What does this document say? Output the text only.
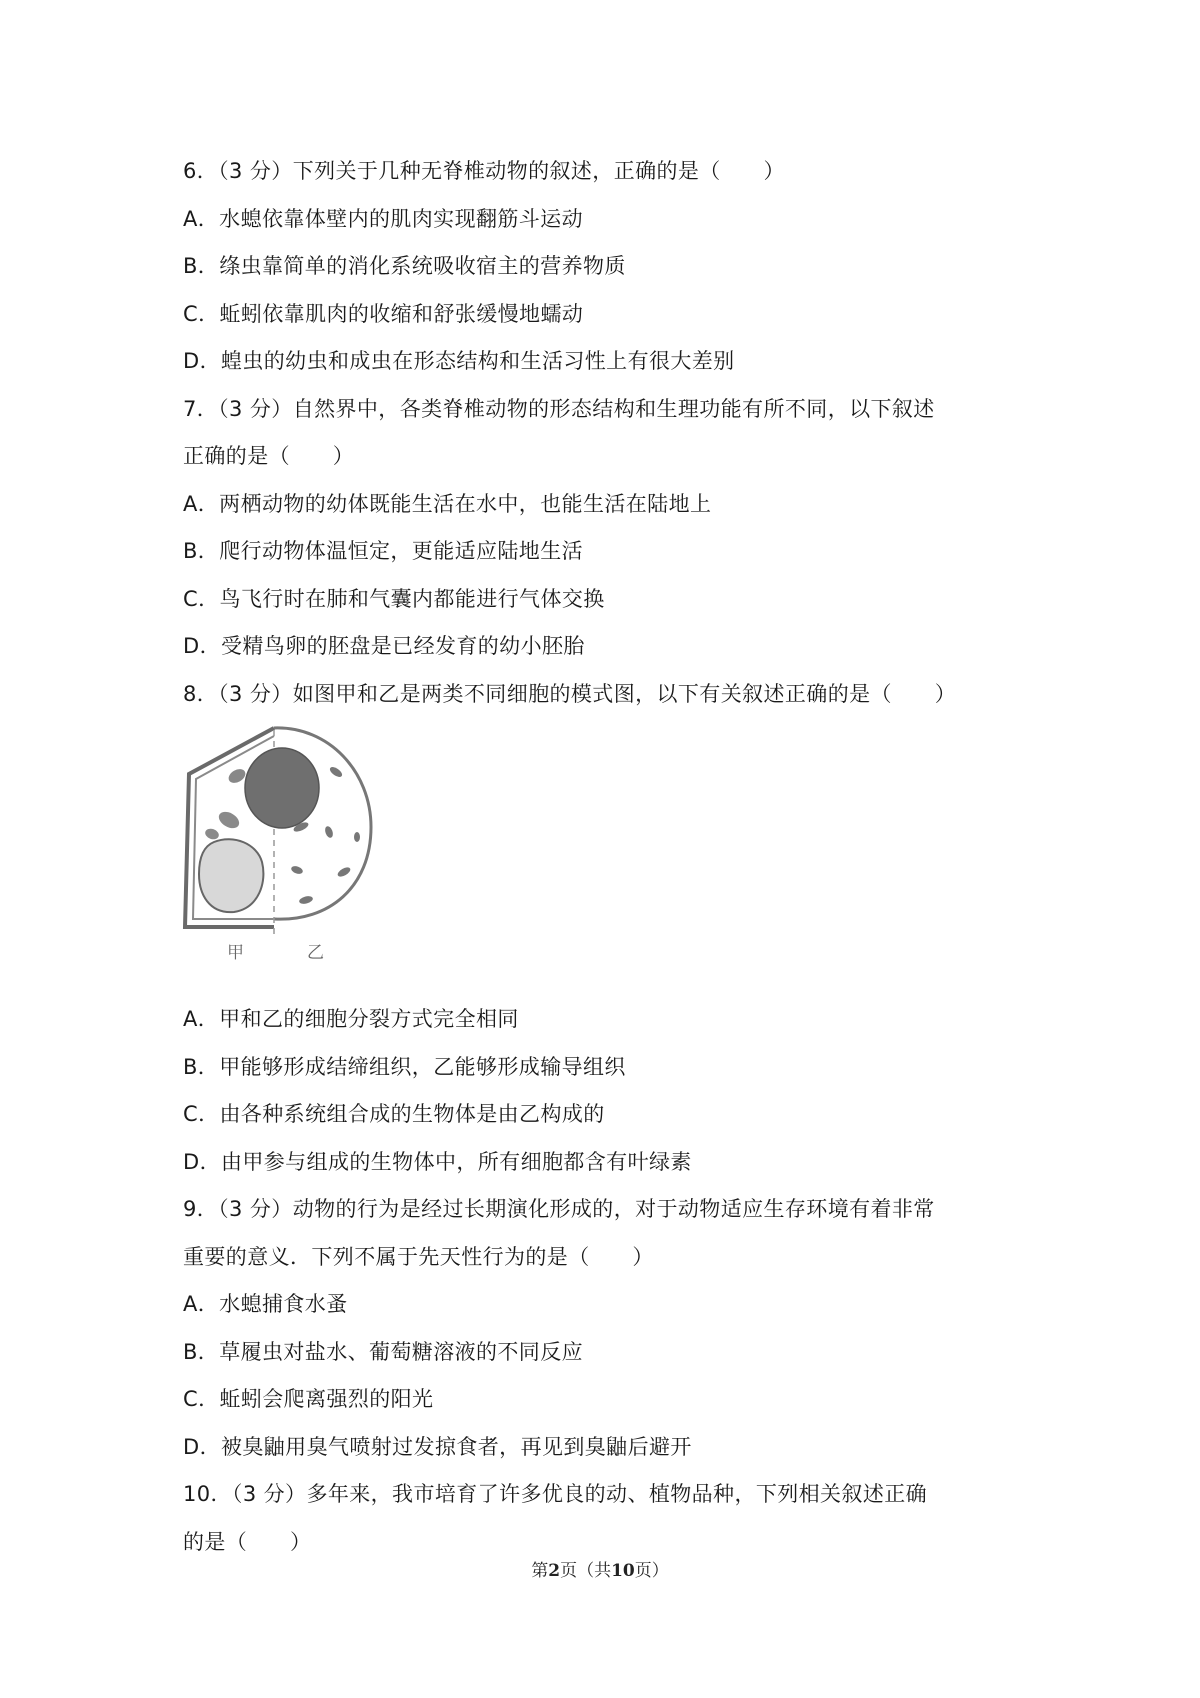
6．（3 分）下列关于几种无脊椎动物的叙述，正确的是（　　）
A．水螅依靠体壁内的肌肉实现翻筋斗运动
B．绦虫靠简单的消化系统吸收宿主的营养物质
C．蚯蚓依靠肌肉的收缩和舒张缓慢地蠕动
D．蝗虫的幼虫和成虫在形态结构和生活习性上有很大差别
7．（3 分）自然界中，各类脊椎动物的形态结构和生理功能有所不同，以下叙述
正确的是（　　）
A．两栖动物的幼体既能生活在水中，也能生活在陆地上
B．爬行动物体温恒定，更能适应陆地生活
C．鸟飞行时在肺和气囊内都能进行气体交换
D．受精鸟卵的胚盘是已经发育的幼小胚胎
8．（3 分）如图甲和乙是两类不同细胞的模式图，以下有关叙述正确的是（　　）
甲	乙
A．甲和乙的细胞分裂方式完全相同
B．甲能够形成结缔组织，乙能够形成输导组织
C．由各种系统组合成的生物体是由乙构成的
D．由甲参与组成的生物体中，所有细胞都含有叶绿素
9．（3 分）动物的行为是经过长期演化形成的，对于动物适应生存环境有着非常
重要的意义．下列不属于先天性行为的是（　　）
A．水螅捕食水蚤
B．草履虫对盐水、葡萄糖溶液的不同反应
C．蚯蚓会爬离强烈的阳光
D．被臭鼬用臭气喷射过发掠食者，再见到臭鼬后避开
10．（3 分）多年来，我市培育了许多优良的动、植物品种，下列相关叙述正确
的是（　　）
第2页（共10页）
